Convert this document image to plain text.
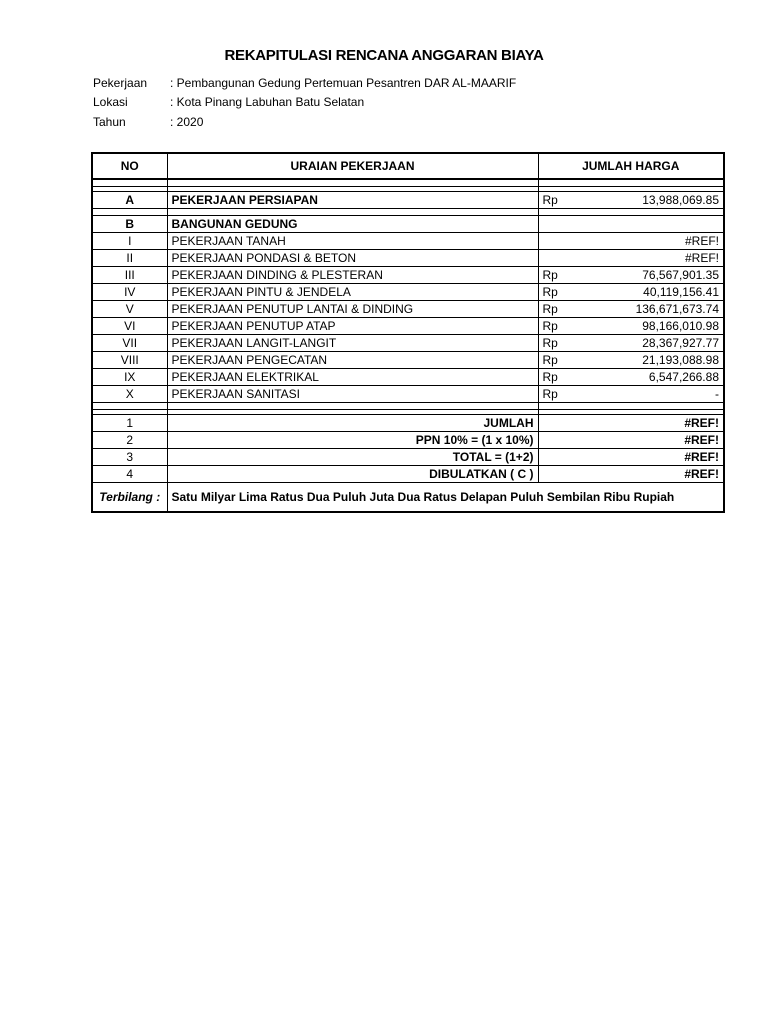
REKAPITULASI RENCANA ANGGARAN BIAYA
Pekerjaan : Pembangunan Gedung Pertemuan Pesantren DAR AL-MAARIF
Lokasi	: Kota Pinang Labuhan Batu Selatan
Tahun	: 2020
NO	URAIAN PEKERJAAN	JUMLAH HARGA

A	PEKERJAAN PERSIAPAN	Rp 13,988,069.85

B	BANGUNAN GEDUNG	
I	PEKERJAAN TANAH	#REF!

II	PEKERJAAN PONDASI & BETON	#REF!

III	PEKERJAAN DINDING & PLESTERAN	Rp 76,567,901.35

IV	PEKERJAAN PINTU & JENDELA	Rp 40,119,156.41

V	PEKERJAAN PENUTUP LANTAI & DINDING	Rp 136,671,673.74

VI	PEKERJAAN PENUTUP ATAP	Rp 98,166,010.98

VII	PEKERJAAN LANGIT-LANGIT	Rp 28,367,927.77

VIII	PEKERJAAN PENGECATAN	Rp 21,193,088.98

IX	PEKERJAAN ELEKTRIKAL	Rp 6,547,266.88

X	PEKERJAAN SANITASI	Rp -

1	JUMLAH	#REF!
2	PPN 10% = (1 x 10%)	#REF!
3	TOTAL = (1+2)	#REF!
4	DIBULATKAN ( C )	#REF!
Terbilang :	Satu Milyar Lima Ratus Dua Puluh Juta Dua Ratus Delapan Puluh Sembilan Ribu Rupiah	
